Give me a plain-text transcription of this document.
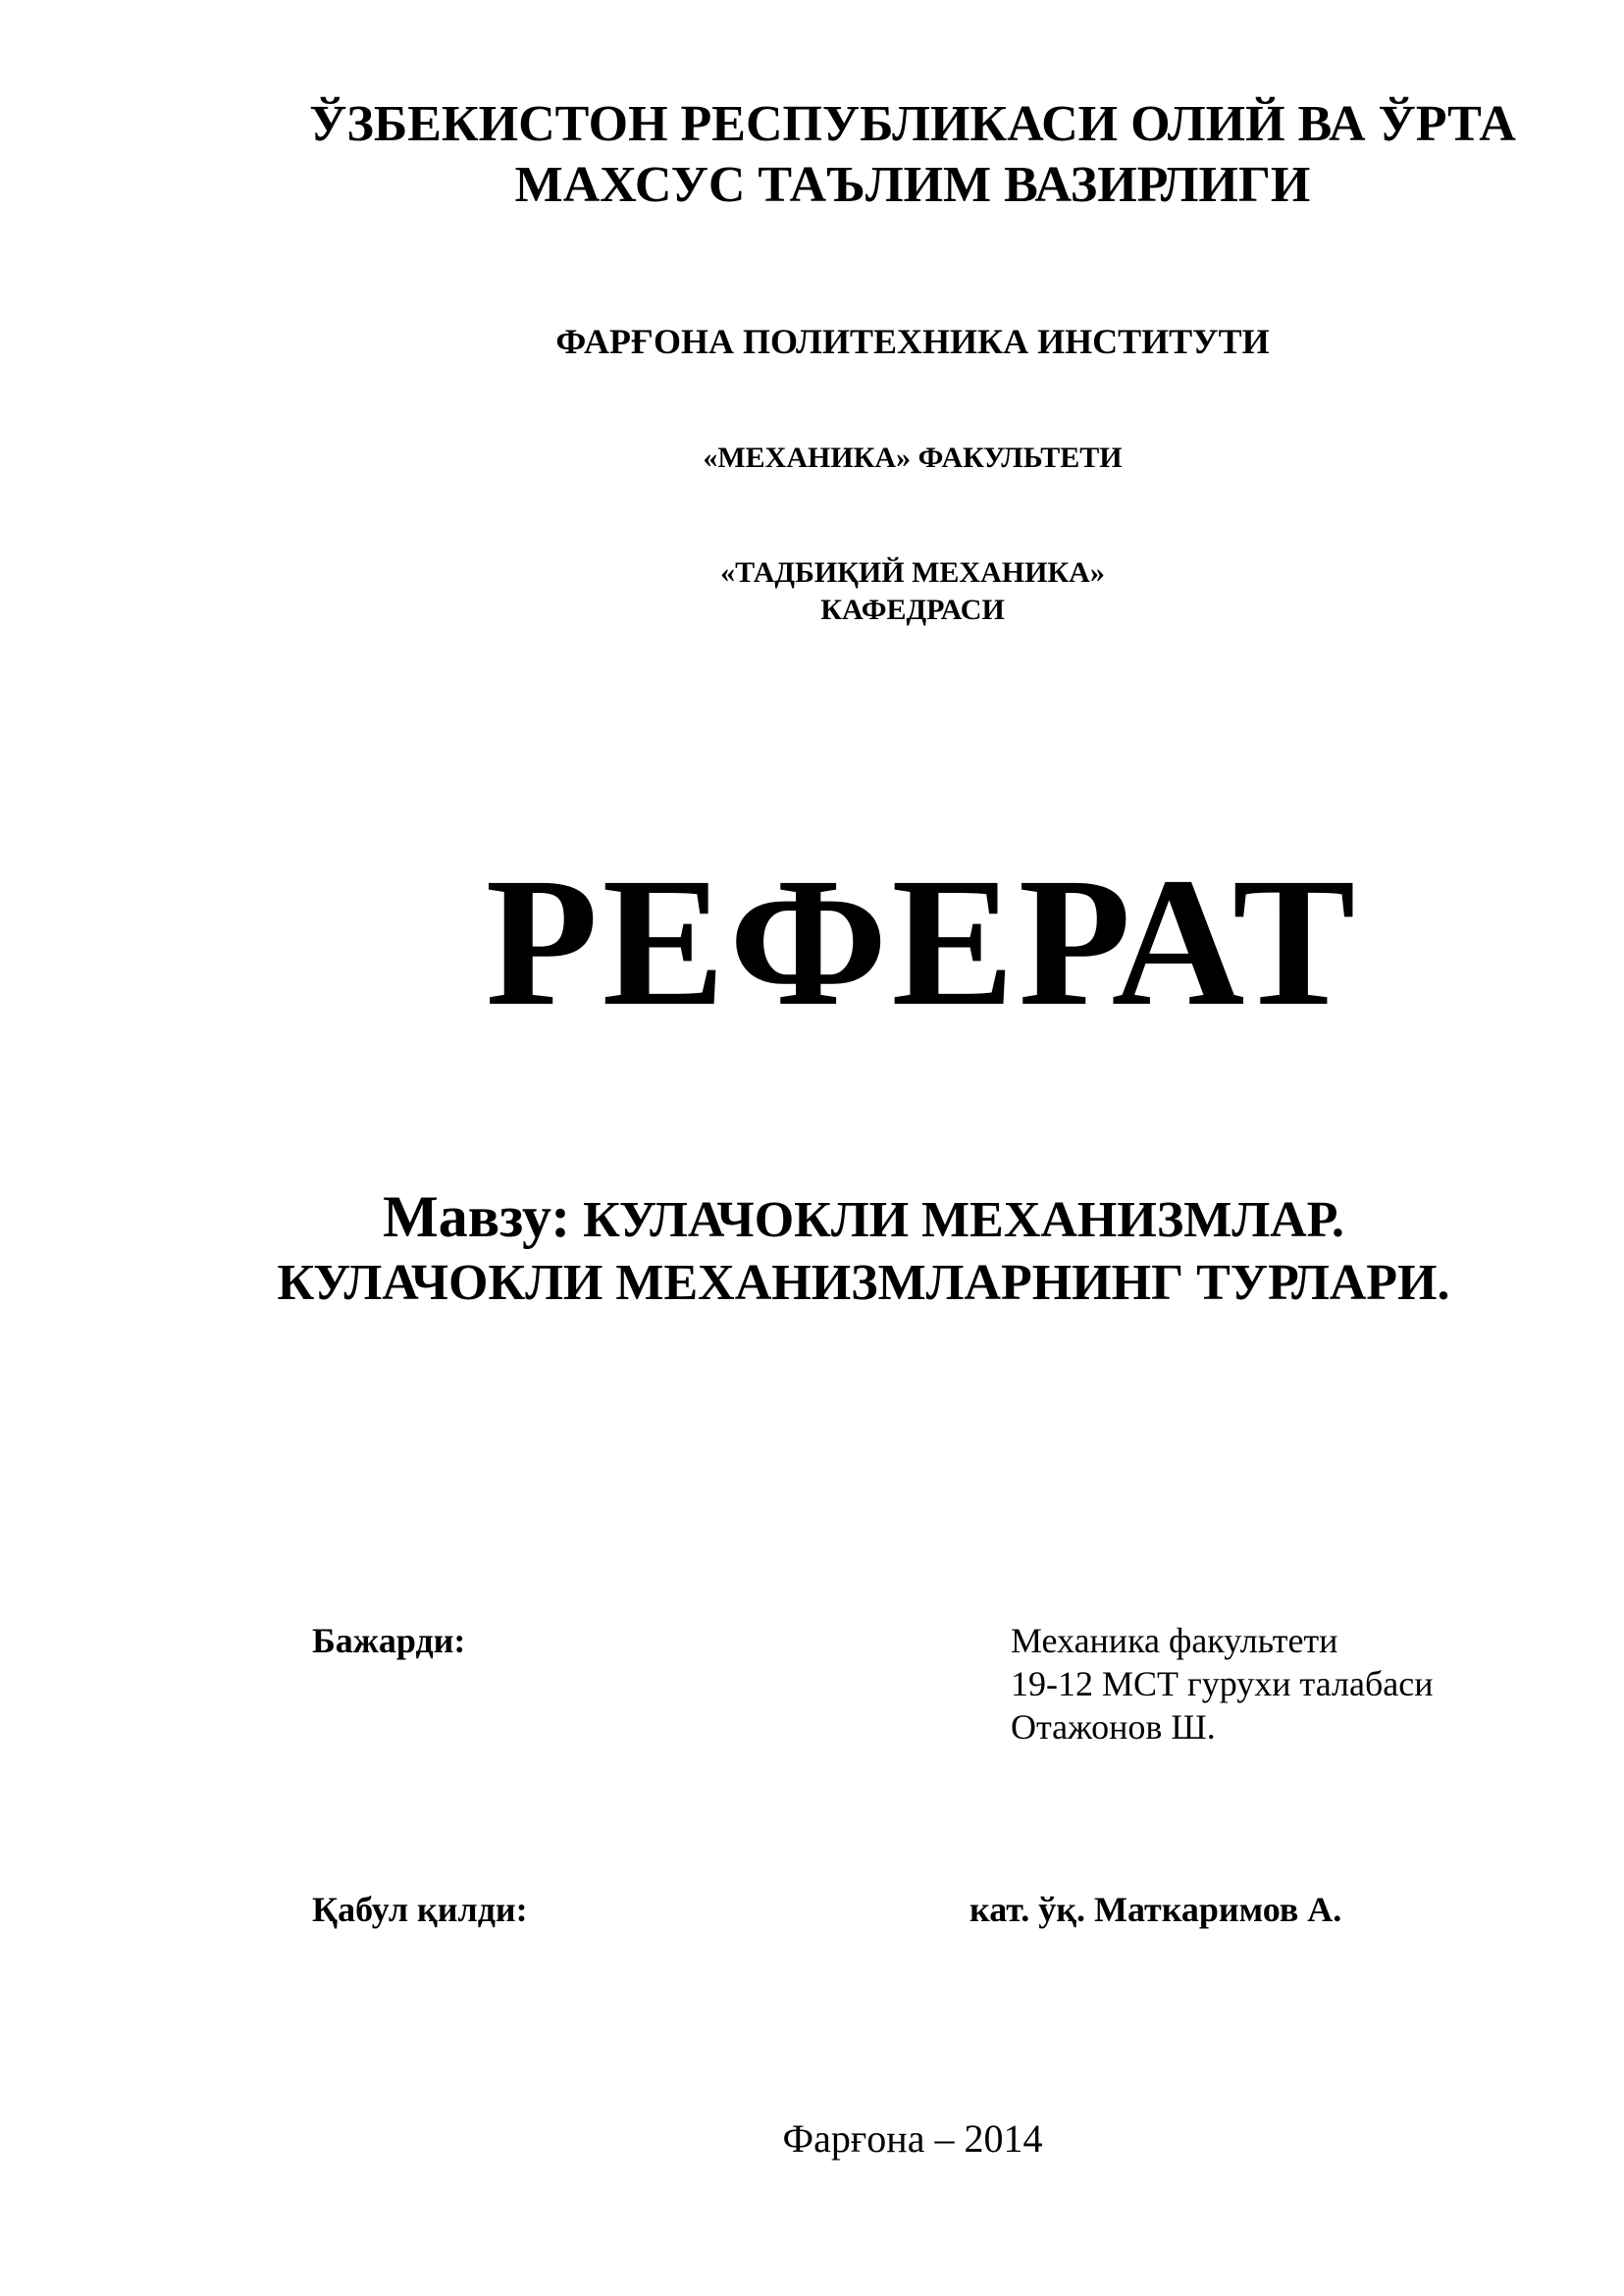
ЎЗБЕКИСТОН РЕСПУБЛИКАСИ ОЛИЙ ВА ЎРТА
МАХСУС ТАЪЛИМ ВАЗИРЛИГИ
ФАРҒОНА ПОЛИТЕХНИКА ИНСТИТУТИ
«МЕХАНИКА» ФАКУЛЬТЕТИ
«ТАДБИҚИЙ МЕХАНИКА»
КАФЕДРАСИ
РЕФЕРАТ
Мавзу: КУЛАЧОКЛИ МЕХАНИЗМЛАР.
КУЛАЧОКЛИ МЕХАНИЗМЛАРНИНГ ТУРЛАРИ.
Бажарди:	Механика факультети
19-12 МСТ гурухи талабаси
Отажонов Ш.
Қабул қилди:	кат. ўқ. Маткаримов А.
Фарғона – 2014
